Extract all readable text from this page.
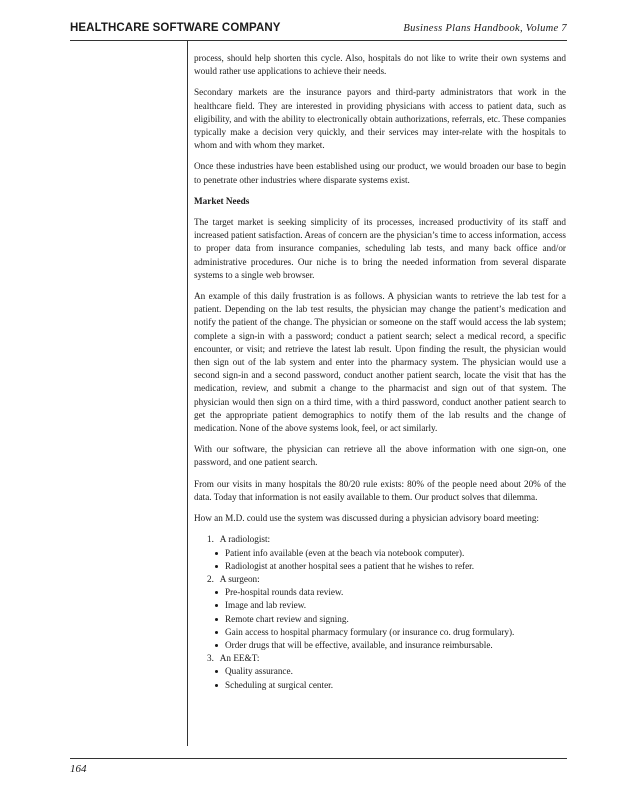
HEALTHCARE SOFTWARE COMPANY	Business Plans Handbook, Volume 7

process, should help shorten this cycle. Also, hospitals do not like to write their own systems and would rather use applications to achieve their needs.

Secondary markets are the insurance payors and third-party administrators that work in the healthcare field. They are interested in providing physicians with access to patient data, such as eligibility, and with the ability to electronically obtain authorizations, referrals, etc. These companies typically make a decision very quickly, and their services may inter-relate with the hospitals to whom and with whom they market.

Once these industries have been established using our product, we would broaden our base to begin to penetrate other industries where disparate systems exist.

Market Needs

The target market is seeking simplicity of its processes, increased productivity of its staff and increased patient satisfaction. Areas of concern are the physician’s time to access information, access to proper data from insurance companies, scheduling lab tests, and many back office and/or administrative procedures. Our niche is to bring the needed information from several disparate systems to a single web browser.

An example of this daily frustration is as follows. A physician wants to retrieve the lab test for a patient. Depending on the lab test results, the physician may change the patient’s medication and notify the patient of the change. The physician or someone on the staff would access the lab system; complete a sign-in with a password; conduct a patient search; select a medical record, a specific encounter, or visit; and retrieve the latest lab result. Upon finding the result, the physician would then sign out of the lab system and enter into the pharmacy system. The physician would use a second sign-in and a second password, conduct another patient search, locate the visit that has the medication, review, and submit a change to the pharmacist and sign out of that system. The physician would then sign on a third time, with a third password, conduct another patient search to get the appropriate patient demographics to notify them of the lab results and the change of medication. None of the above systems look, feel, or act similarly.

With our software, the physician can retrieve all the above information with one sign-on, one password, and one patient search.

From our visits in many hospitals the 80/20 rule exists: 80% of the people need about 20% of the data. Today that information is not easily available to them. Our product solves that dilemma.

How an M.D. could use the system was discussed during a physician advisory board meeting:

1. A radiologist:
Patient info available (even at the beach via notebook computer).
Radiologist at another hospital sees a patient that he wishes to refer.
2. A surgeon:
Pre-hospital rounds data review.
Image and lab review.
Remote chart review and signing.
Gain access to hospital pharmacy formulary (or insurance co. drug formulary).
Order drugs that will be effective, available, and insurance reimbursable.
3. An EE&T:
Quality assurance.
Scheduling at surgical center.
164
